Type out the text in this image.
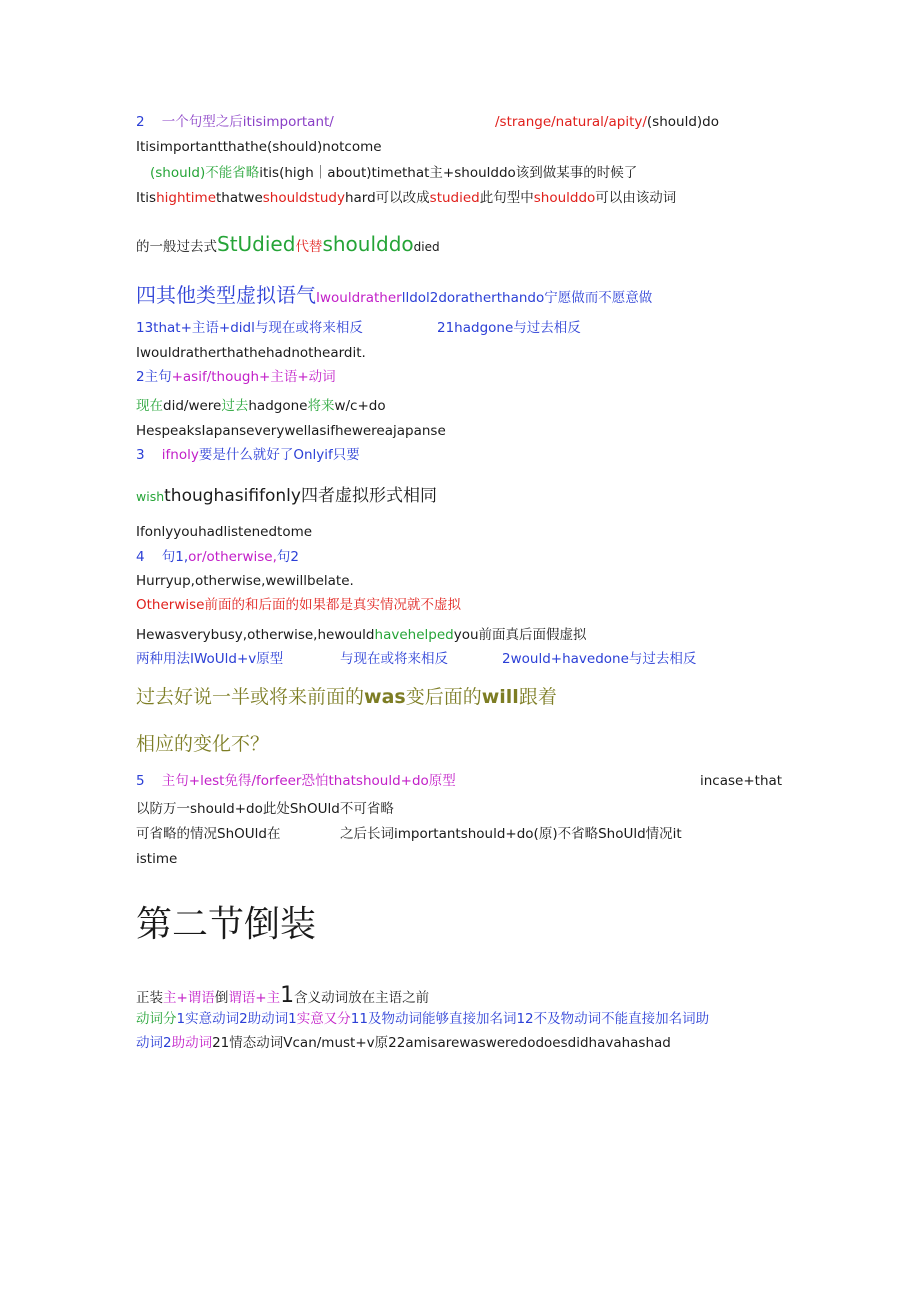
2 一个句型之后itisimportant/	/strange/natural/apity/(should)do
Itisimportantthathe(should)notcome
(should)不能省略itis(high｜about)timethat主+shoulddo该到做某事的时候了
Itishightimethatweshouldstudyhard可以改成studied此句型中shoulddo可以由该动词
的一般过去式StUdied代替shoulddodied
四其他类型虚拟语气Iwouldratherlldol2doratherthando宁愿做而不愿意做
13that+主语+didl与现在或将来相反	21hadgone与过去相反
Iwouldratherthathehadnotheardit.
2主句+asif/though+主语+动词
现在did/were过去hadgone将来w/c+do
HespeaksIapanseverywellasifhewereajapanse
3 ifnoly要是什么就好了Onlyif只要
wishthoughasififonly四者虚拟形式相同
Ifonlyyouhadlistenedtome
4 句1,or/otherwise,句2
Hurryup,otherwise,wewillbelate.
Otherwise前面的和后面的如果都是真实情况就不虚拟
Hewasverybusy,otherwise,hewouldhavehelpedyou前面真后面假虚拟
两种用法IWoUld+v原型	与现在或将来相反	2would+havedone与过去相反
过去好说一半或将来前面的was变后面的will跟着
相应的变化不？
5 主句+lest免得/forfeer恐怕thatshould+do原型	incase+that
以防万一should+do此处ShOUld不可省略
可省略的情况ShOUld在	之后长词importantshould+do(原)不省略ShoUld情况it
istime
第二节倒装
正装主+谓语倒谓语+主1含义动词放在主语之前
动词分1实意动词2助动词1实意又分11及物动词能够直接加名词12不及物动词不能直接加名词助
动词2助动词21情态动词Vcan/must+v原22amisarewasweredodoesdidhavahashad
